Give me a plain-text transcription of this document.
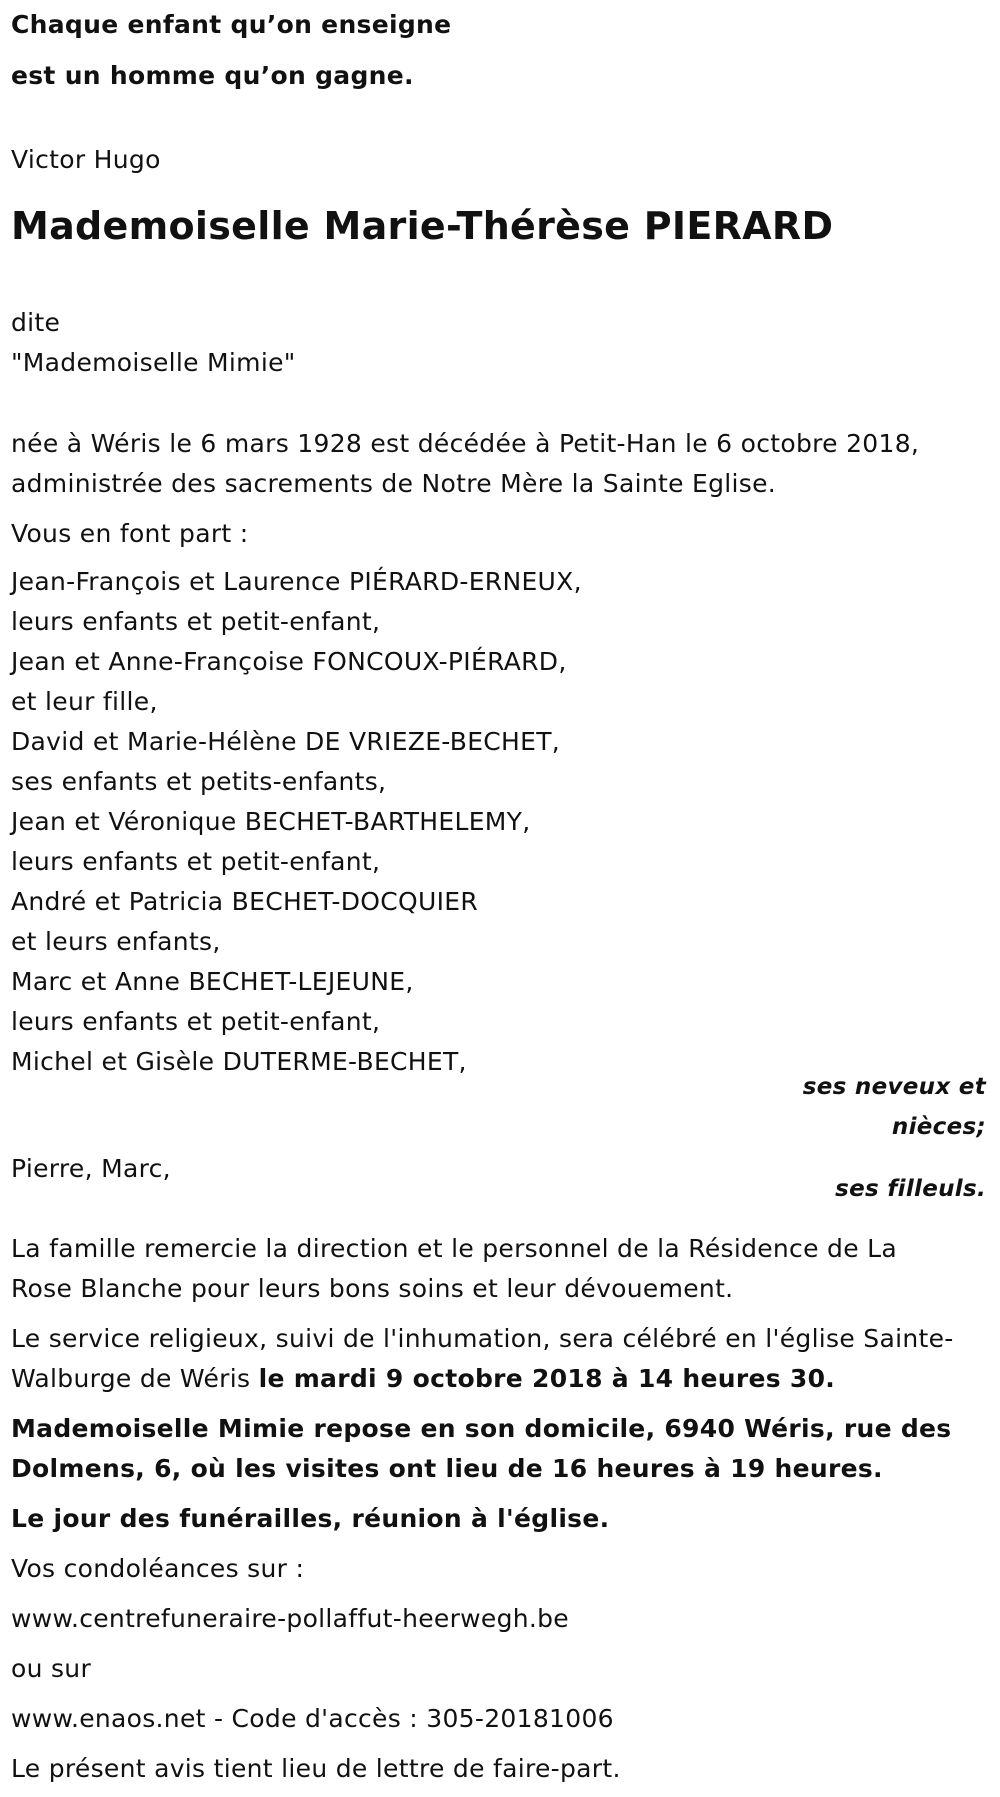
Chaque enfant qu’on enseigne
est un homme qu’on gagne.
Victor Hugo
Mademoiselle Marie-Thérèse PIERARD
dite
"Mademoiselle Mimie"
née à Wéris le 6 mars 1928 est décédée à Petit-Han le 6 octobre 2018,
administrée des sacrements de Notre Mère la Sainte Eglise.
Vous en font part :
Jean-François et Laurence PIÉRARD-ERNEUX,
leurs enfants et petit-enfant,
Jean et Anne-Françoise FONCOUX-PIÉRARD,
et leur fille,
David et Marie-Hélène DE VRIEZE-BECHET,
ses enfants et petits-enfants,
Jean et Véronique BECHET-BARTHELEMY,
leurs enfants et petit-enfant,
André et Patricia BECHET-DOCQUIER
et leurs enfants,
Marc et Anne BECHET-LEJEUNE,
leurs enfants et petit-enfant,
Michel et Gisèle DUTERME-BECHET,
ses neveux et
nièces;
Pierre, Marc,
ses filleuls.
La famille remercie la direction et le personnel de la Résidence de La
Rose Blanche pour leurs bons soins et leur dévouement.
Le service religieux, suivi de l'inhumation, sera célébré en l'église Sainte-
Walburge de Wéris le mardi 9 octobre 2018 à 14 heures 30.
Mademoiselle Mimie repose en son domicile, 6940 Wéris, rue des
Dolmens, 6, où les visites ont lieu de 16 heures à 19 heures.
Le jour des funérailles, réunion à l'église.
Vos condoléances sur :
www.centrefuneraire-pollaffut-heerwegh.be
ou sur
www.enaos.net - Code d'accès : 305-20181006
Le présent avis tient lieu de lettre de faire-part.
